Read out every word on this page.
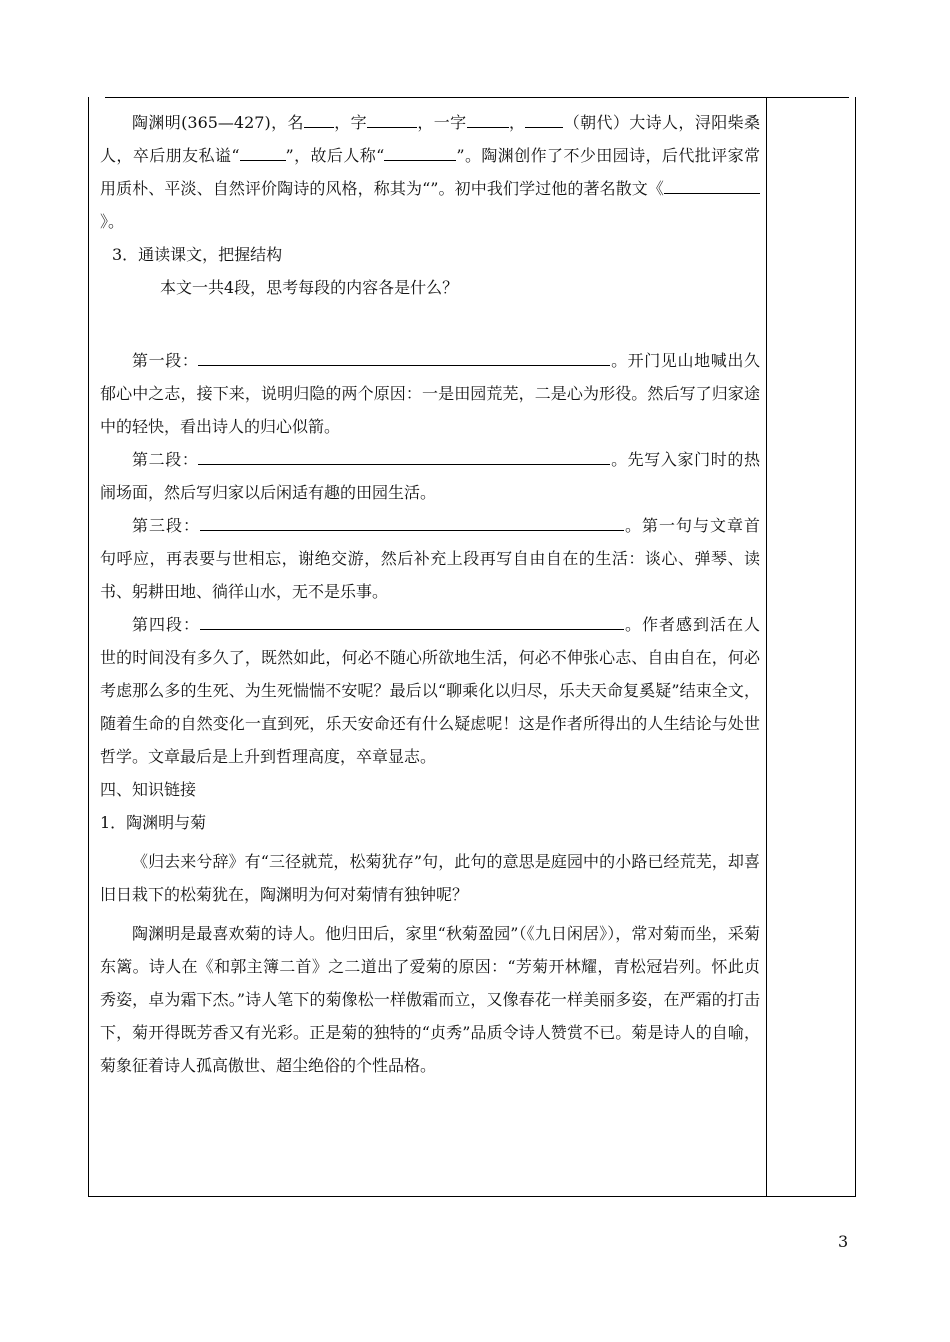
陶渊明(365—427)，名 ，字	，一字	， （朝代）大诗人，浔阳柴桑人，卒后朋友私谥“	”，故后人称“	”。陶渊创作了不少田园诗，后代批评家常用质朴、平淡、自然评价陶诗的风格，称其为“”。初中我们学过他的著名散文《》。

3．通读课文，把握结构

本文一共4段，思考每段的内容各是什么？

第一段：	。开门见山地喊出久郁心中之志，接下来，说明归隐的两个原因：一是田园荒芜，二是心为形役。然后写了归家途中的轻快，看出诗人的归心似箭。

第二段：	。先写入家门时的热闹场面，然后写归家以后闲适有趣的田园生活。

第三段：	。第一句与文章首句呼应，再表要与世相忘，谢绝交游，然后补充上段再写自由自在的生活：谈心、弹琴、读书、躬耕田地、徜徉山水，无不是乐事。

第四段：	。作者感到活在人世的时间没有多久了，既然如此，何必不随心所欲地生活，何必不伸张心志、自由自在，何必考虑那么多的生死、为生死惴惴不安呢？最后以“聊乘化以归尽，乐夫天命复奚疑”结束全文，随着生命的自然变化一直到死，乐天安命还有什么疑虑呢！这是作者所得出的人生结论与处世哲学。文章最后是上升到哲理高度，卒章显志。

四、知识链接

1．陶渊明与菊

《归去来兮辞》有“三径就荒，松菊犹存”句，此句的意思是庭园中的小路已经荒芜，却喜旧日栽下的松菊犹在，陶渊明为何对菊情有独钟呢？

陶渊明是最喜欢菊的诗人。他归田后，家里“秋菊盈园”（《九日闲居》），常对菊而坐，采菊东篱。诗人在《和郭主簿二首》之二道出了爱菊的原因：“芳菊开林耀，青松冠岩列。怀此贞秀姿，卓为霜下杰。”诗人笔下的菊像松一样傲霜而立，又像春花一样美丽多姿，在严霜的打击下，菊开得既芳香又有光彩。正是菊的独特的“贞秀”品质令诗人赞赏不已。菊是诗人的自喻，菊象征着诗人孤高傲世、超尘绝俗的个性品格。

3
